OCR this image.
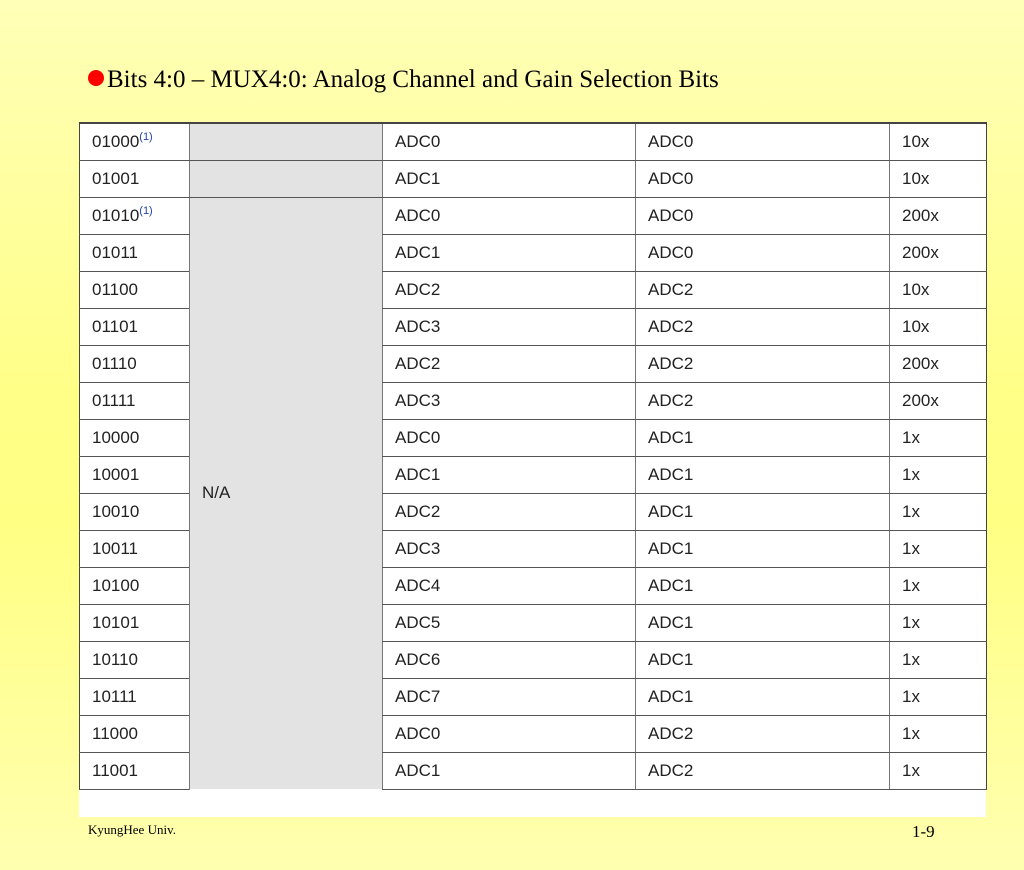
Bits 4:0 – MUX4:0: Analog Channel and Gain Selection Bits
01000$^{(1)}$		ADC0	ADC0	10x
01001		ADC1	ADC0	10x
01010$^{(1)}$	N/A	ADC0	ADC0	200x
01011		ADC1	ADC0	200x
01100		ADC2	ADC2	10x
01101		ADC3	ADC2	10x
01110		ADC2	ADC2	200x
01111		ADC3	ADC2	200x
10000		ADC0	ADC1	1x
10001		ADC1	ADC1	1x
10010		ADC2	ADC1	1x
10011		ADC3	ADC1	1x
10100		ADC4	ADC1	1x
10101		ADC5	ADC1	1x
10110		ADC6	ADC1	1x
10111		ADC7	ADC1	1x
11000		ADC0	ADC2	1x
11001		ADC1	ADC2	1x
KyungHee Univ.	1-9
